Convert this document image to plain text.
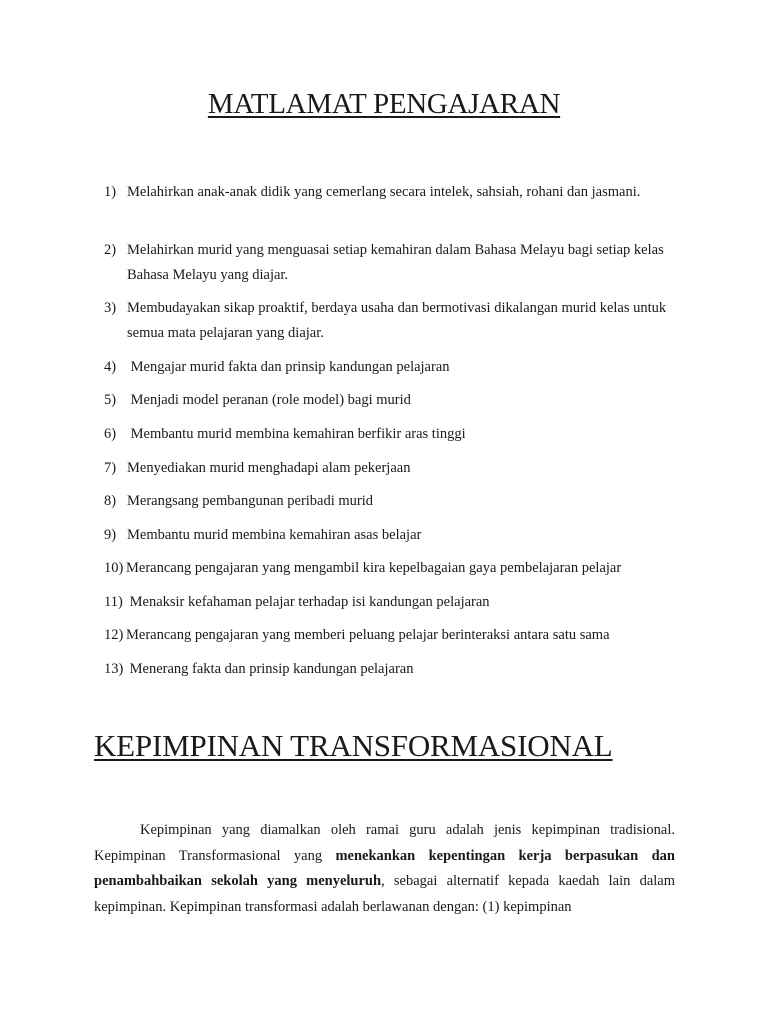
MATLAMAT PENGAJARAN
1) Melahirkan anak-anak didik yang cemerlang secara intelek, sahsiah, rohani dan jasmani.
2) Melahirkan murid yang menguasai setiap kemahiran dalam Bahasa Melayu bagi setiap kelas Bahasa Melayu yang diajar.
3) Membudayakan sikap proaktif, berdaya usaha dan bermotivasi dikalangan murid kelas untuk semua mata pelajaran yang diajar.
4) Mengajar murid fakta dan prinsip kandungan pelajaran
5) Menjadi model peranan (role model) bagi murid
6) Membantu murid membina kemahiran berfikir aras tinggi
7) Menyediakan murid menghadapi alam pekerjaan
8) Merangsang pembangunan peribadi murid
9) Membantu murid membina kemahiran asas belajar
10) Merancang pengajaran yang mengambil kira kepelbagaian gaya pembelajaran pelajar
11) Menaksir kefahaman pelajar terhadap isi kandungan pelajaran
12) Merancang pengajaran yang memberi peluang pelajar berinteraksi antara satu sama
13) Menerang fakta dan prinsip kandungan pelajaran
KEPIMPINAN TRANSFORMASIONAL

Kepimpinan yang diamalkan oleh ramai guru adalah jenis kepimpinan tradisional. Kepimpinan Transformasional yang menekankan kepentingan kerja berpasukan dan penambahbaikan sekolah yang menyeluruh, sebagai alternatif kepada kaedah lain dalam kepimpinan. Kepimpinan transformasi adalah berlawanan dengan: (1) kepimpinan
